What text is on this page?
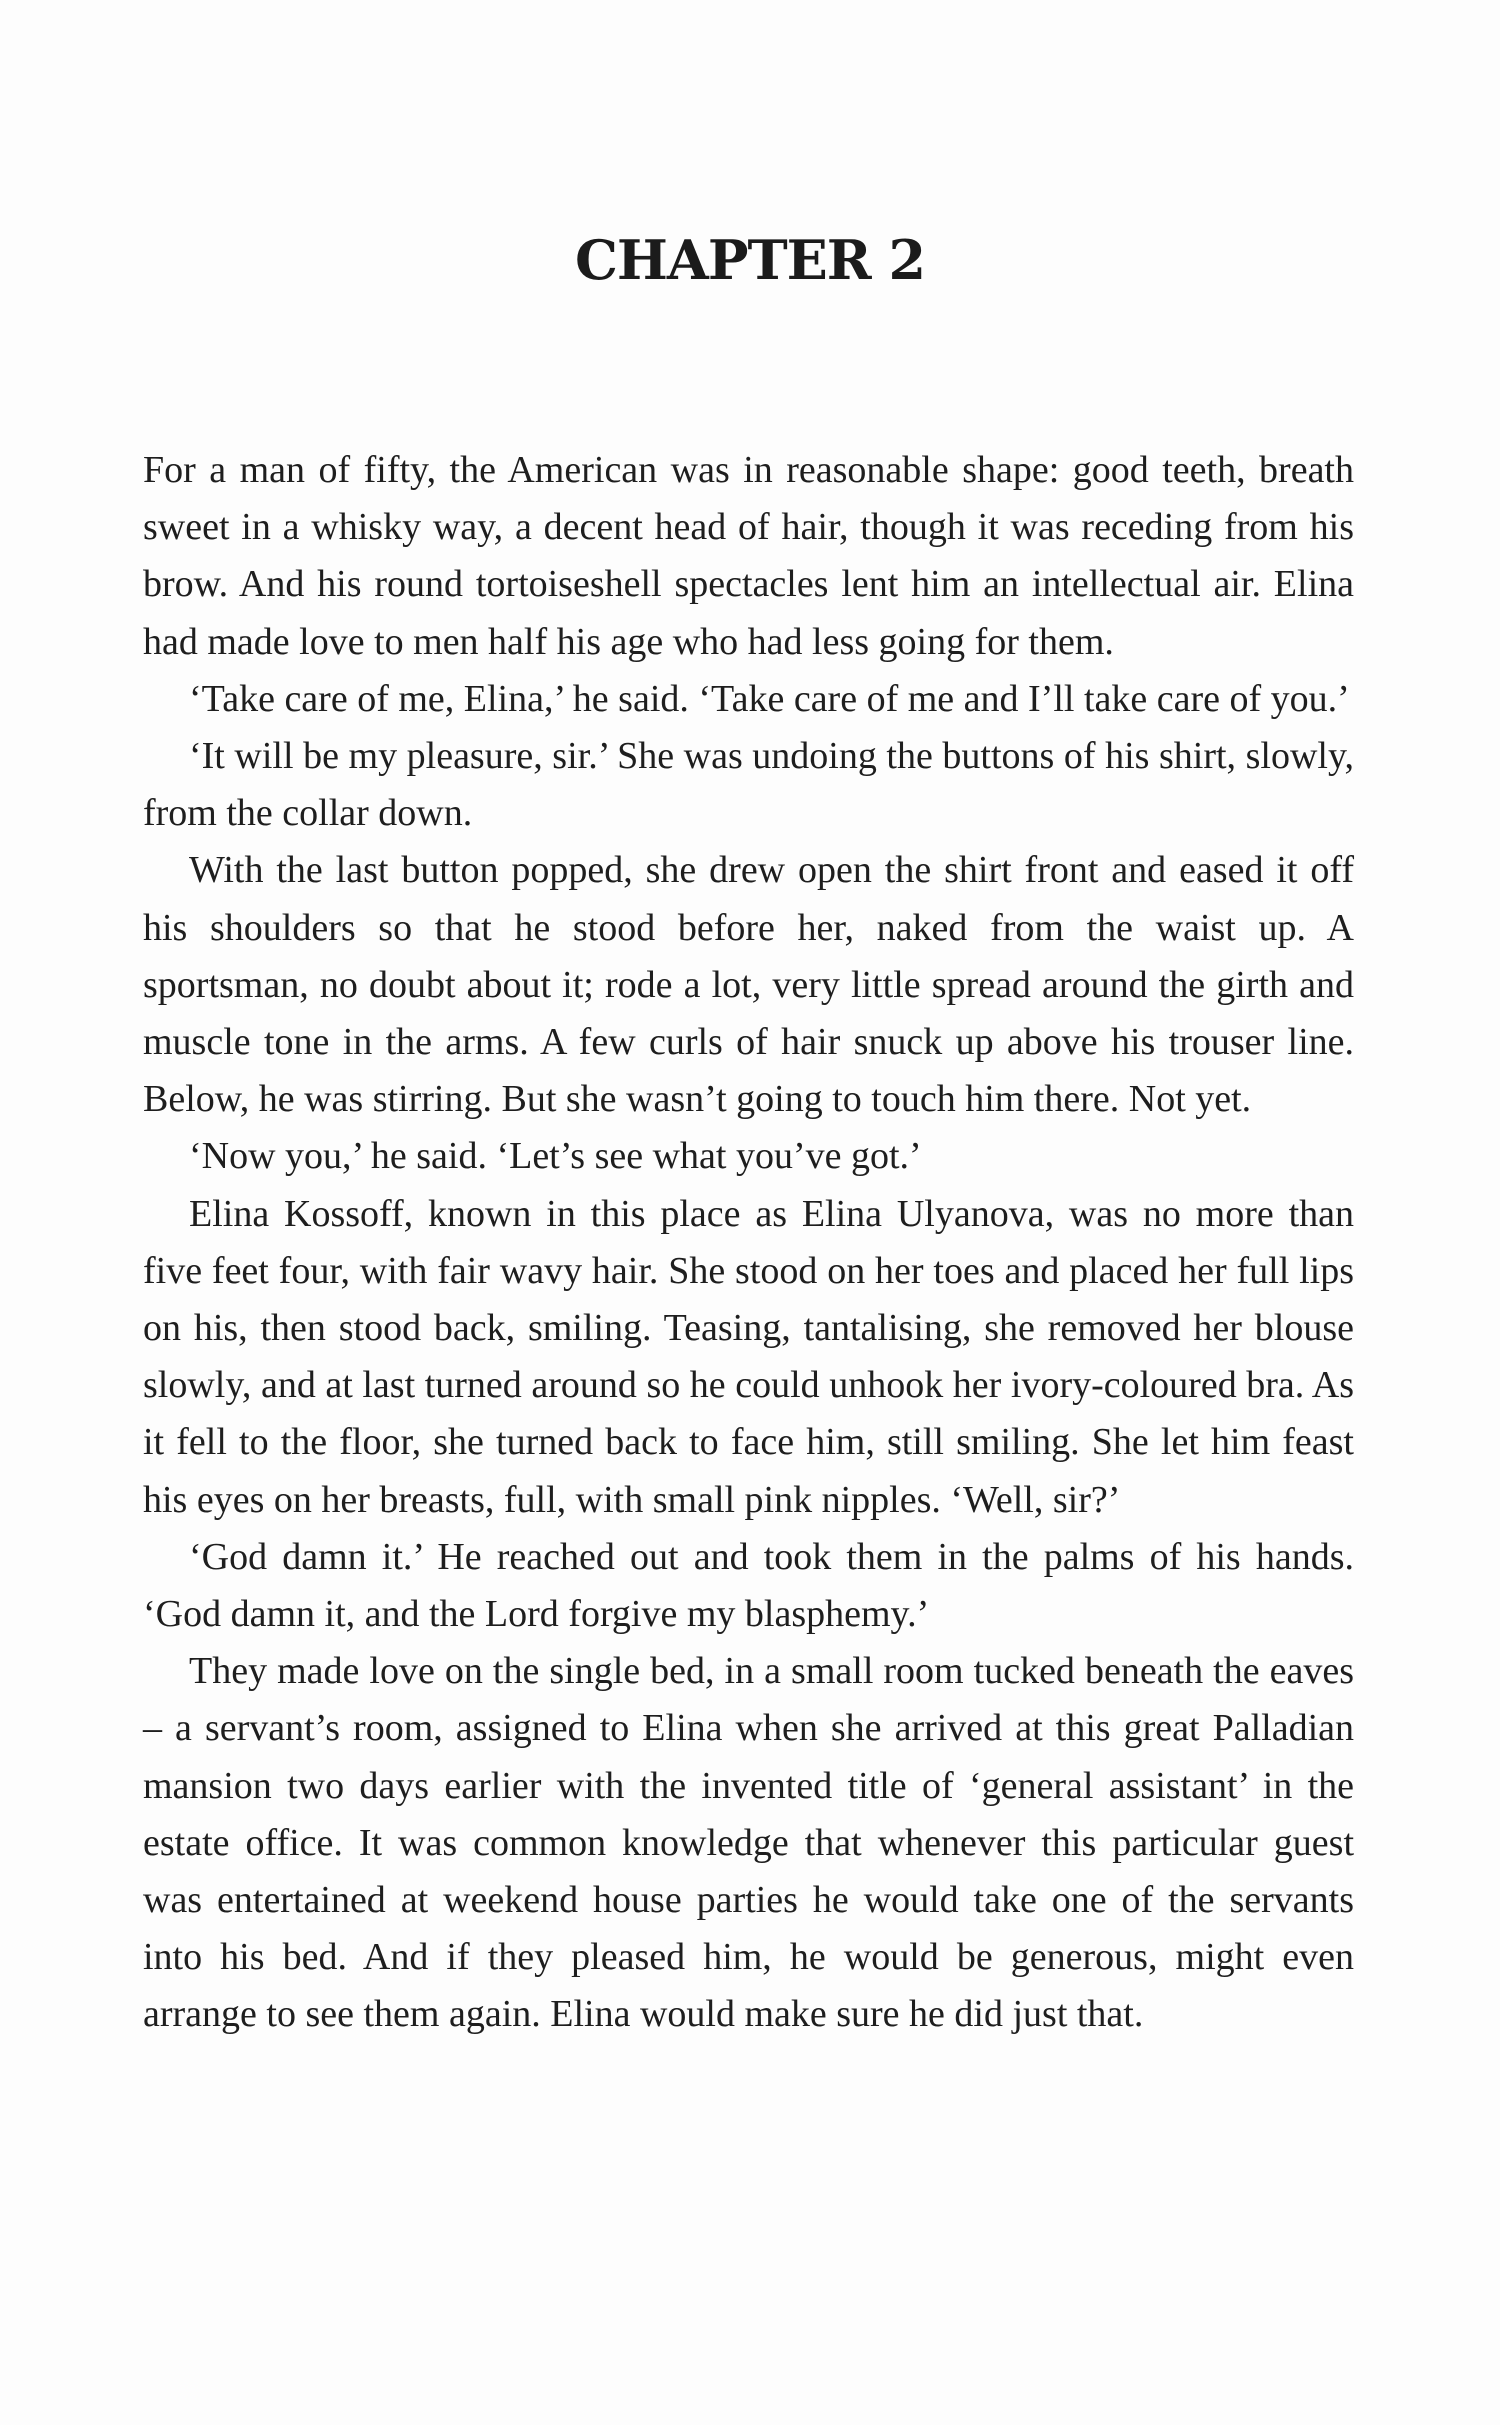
CHAPTER 2

For a man of fifty, the American was in reasonable shape: good teeth, breath sweet in a whisky way, a decent head of hair, though it was receding from his brow. And his round tortoiseshell spectacles lent him an intellectual air. Elina had made love to men half his age who had less going for them.

‘Take care of me, Elina,’ he said. ‘Take care of me and I’ll take care of you.’

‘It will be my pleasure, sir.’ She was undoing the buttons of his shirt, slowly, from the collar down.

With the last button popped, she drew open the shirt front and eased it off his shoulders so that he stood before her, naked from the waist up. A sportsman, no doubt about it; rode a lot, very little spread around the girth and muscle tone in the arms. A few curls of hair snuck up above his trouser line. Below, he was stirring. But she wasn’t going to touch him there. Not yet.

‘Now you,’ he said. ‘Let’s see what you’ve got.’

Elina Kossoff, known in this place as Elina Ulyanova, was no more than five feet four, with fair wavy hair. She stood on her toes and placed her full lips on his, then stood back, smiling. Teasing, tantalising, she removed her blouse slowly, and at last turned around so he could unhook her ivory-coloured bra. As it fell to the floor, she turned back to face him, still smiling. She let him feast his eyes on her breasts, full, with small pink nipples. ‘Well, sir?’

‘God damn it.’ He reached out and took them in the palms of his hands. ‘God damn it, and the Lord forgive my blasphemy.’

They made love on the single bed, in a small room tucked beneath the eaves – a servant’s room, assigned to Elina when she arrived at this great Palladian mansion two days earlier with the invented title of ‘general assistant’ in the estate office. It was common knowledge that whenever this particular guest was entertained at weekend house parties he would take one of the servants into his bed. And if they pleased him, he would be generous, might even arrange to see them again. Elina would make sure he did just that.
